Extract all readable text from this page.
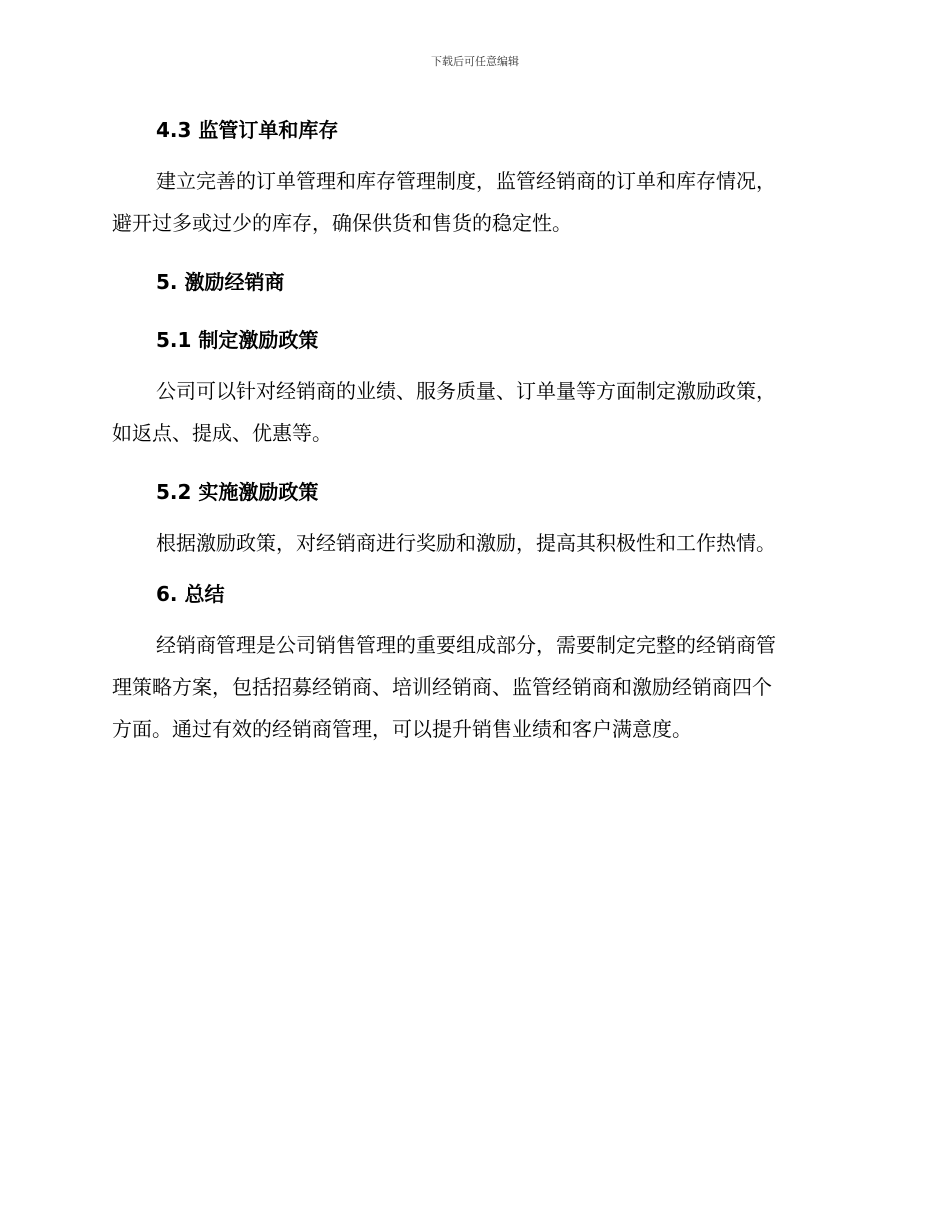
下载后可任意编辑
4.3 监管订单和库存

建立完善的订单管理和库存管理制度，监管经销商的订单和库存情况，
避开过多或过少的库存，确保供货和售货的稳定性。

5. 激励经销商
5.1 制定激励政策

公司可以针对经销商的业绩、服务质量、订单量等方面制定激励政策，
如返点、提成、优惠等。

5.2 实施激励政策

根据激励政策，对经销商进行奖励和激励，提高其积极性和工作热情。

6. 总结

经销商管理是公司销售管理的重要组成部分，需要制定完整的经销商管
理策略方案，包括招募经销商、培训经销商、监管经销商和激励经销商四个
方面。通过有效的经销商管理，可以提升销售业绩和客户满意度。
